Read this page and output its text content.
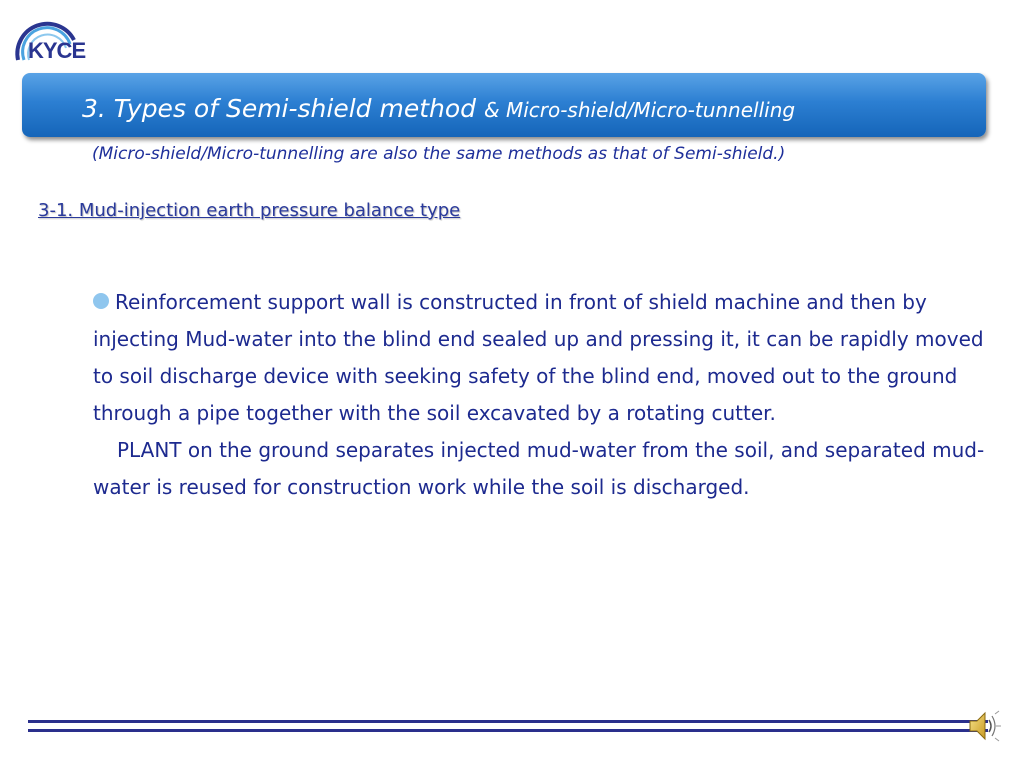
KYCE
3. Types of Semi-shield method & Micro-shield/Micro-tunnelling
(Micro-shield/Micro-tunnelling are also the same methods as that of Semi-shield.)
3-1. Mud-injection earth pressure balance type

Reinforcement support wall is constructed in front of shield machine and then by injecting Mud-water into the blind end sealed up and pressing it, it can be rapidly moved to soil discharge device with seeking safety of the blind end, moved out to the ground through a pipe together with the soil excavated by a rotating cutter.

PLANT on the ground separates injected mud-water from the soil, and separated mud-water is reused for construction work while the soil is discharged.
